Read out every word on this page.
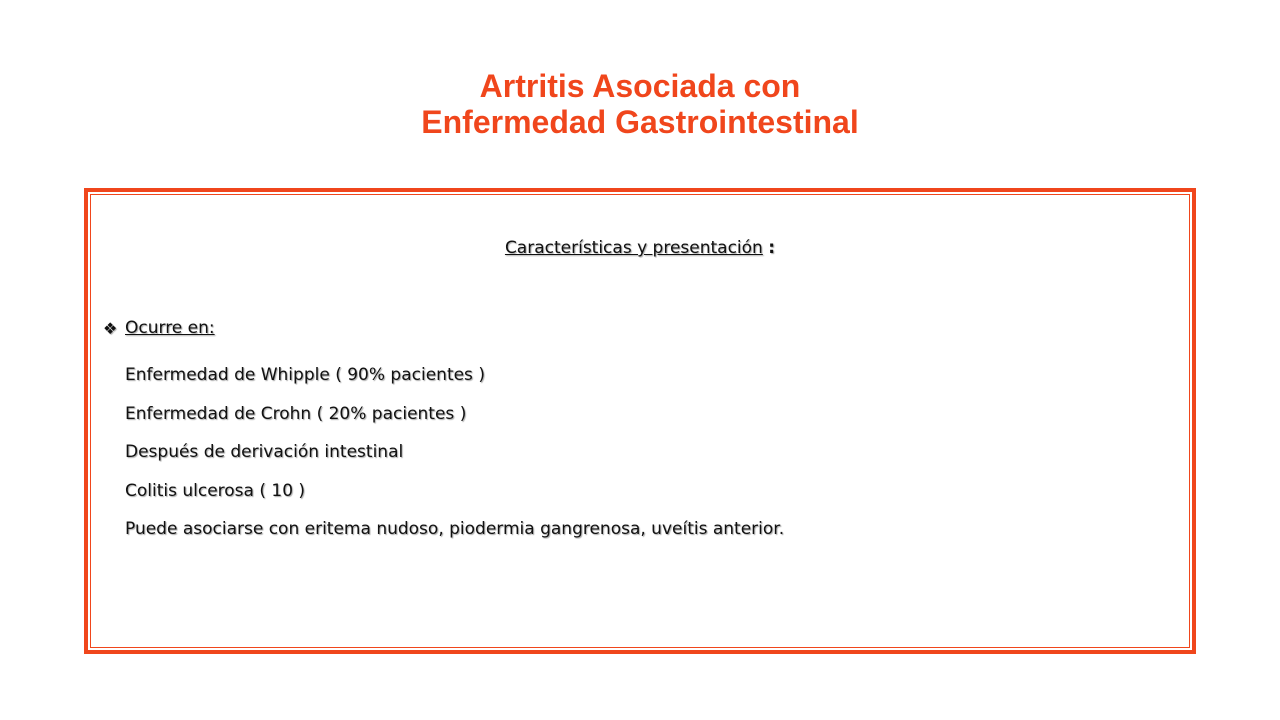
Artritis Asociada con
Enfermedad Gastrointestinal
Características y presentación :
❖ Ocurre en:
Enfermedad de Whipple ( 90% pacientes )
Enfermedad de Crohn ( 20% pacientes )
Después de derivación intestinal
Colitis ulcerosa ( 10 )
Puede asociarse con eritema nudoso, piodermia gangrenosa, uveítis anterior.
